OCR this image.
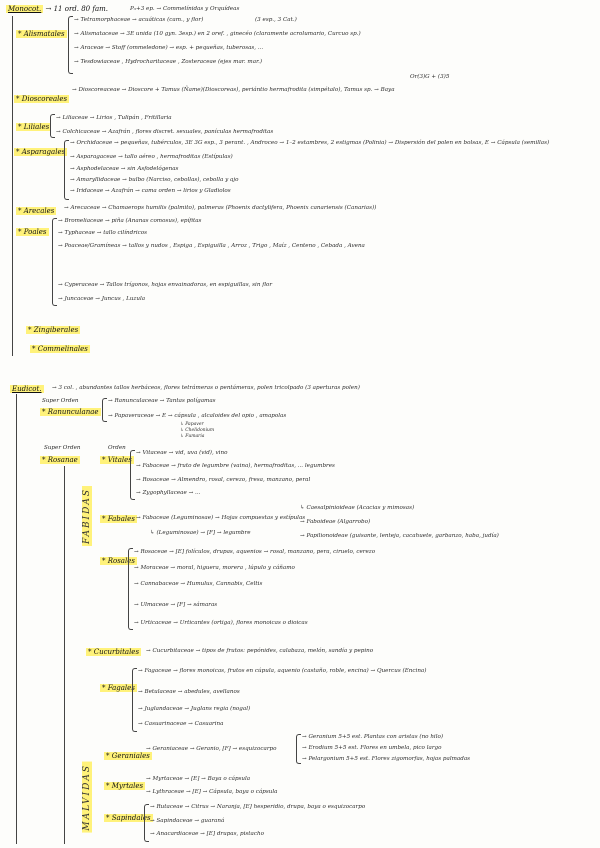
Monocot. → 11 ord. 80 fam.	P₃+3 ep. → Commelínidas y Orquídeas
* Alismatales
→ Tetramorphaceae → acuáticas (cam., y flor)	(3 esp., 3 Cat.)
→ Alismataceae → 3E unida (10 gyn. 3esp.) en 2 oref. , ginecéo (claramente acrolumario, Curcuo sp.)
→ Araceae → Stoff (ommeledone) → esp. + pequeñas, tuberosas, ...
→ Tesdowiaceae , Hydrocharitaceae , Zosteraceae (ejes mar. mar.)
* Dioscoreales
→ Dioscoreaceae → Dioscore + Tamus (Ñame)(Dioscoreas), periántio hermafrodita (simpétalo), Tamus sp. → Baya
Or(3)G + (3)5
* Liliales
→ Liliaceae → Lirios , Tulipán , Fritillaria
→ Colchicaceae → Azafrán , flores discret. sexuales, panículas hermafroditas
* Asparagales
→ Orchidaceae → pequeñas, tubérculos, 3E 3G esp., 3 perant. , Androceo → 1–2 estambres, 2 estigmas (Polinia) → Dispersión del polen en bolsas, E → Cápsula (semillas)
→ Asparagaceae → tallo aéreo , hermafroditas (Estípulas)
→ Asphodelaceae → sin Asfodelógenas
→ Amaryllidaceae → bulbo (Narciso, cebollas), cebolla y ajo
→ Iridaceae → Azafrán → cama orden → lirios y Gladiolos
* Arecales	→ Arecaceae → Chamaerops humilis (palmito), palmeras (Phoenix dactylifera, Phoenix canariensis (Canarias))
* Poales
→ Bromeliaceae → piña (Ananas comosus), epífitas
→ Typhaceae → tallo cilíndricos
→ Poaceae/Gramíneas → tallos y nudos , Espiga , Espiguilla , Arroz , Trigo , Maíz , Centeno , Cebada , Avena
→ Cyperaceae → Tallos trígonos, hojas envainadoras, en espiguillas, sin flor
→ Juncaceae → Juncus , Luzula
* Zingiberales
* Commelinales
Eudicot.	→ 3 col. , abundantes tallos herbáceos, flores tetrámeras o pentámeras, polen tricolpado (3 aperturas polen)
Super Orden
* Ranunculanae
→ Ranunculaceae → Tantas polígamas
→ Papaveraceae → E → cápsula , alcaloides del opio , amapolas
↳ Papaver
↳ Chelidonium
↳ Fumaria
Super Orden
* Rosanae
Orden
* Vitales
→ Vitaceae → vid, uva (vid), vino
→ Fabaceae → fruto de legumbre (vaina), hermafroditas, ... legumbres
→ Rosaceae → Almendro, rosal, cerezo, fresa, manzano, peral
→ Zygophyllaceae → ...
FABIDAS * Fabales → Fabaceae (Leguminosae) → Hojas compuestas y estípulas
↳ (Leguminosae) → [F] → legumbre
↳ Caesalpinioideae (Acacias y mimosas)
→ Faboideae (Algarrobo)
→ Papilionoideae (guisante, lenteja, cacahuete, garbanzo, haba, judía)
* Rosales
→ Rosaceae → [E] folículos, drupas, aquenios → rosal, manzano, pera, ciruelo, cerezo
→ Moraceae → moral, higuera, morera , lúpulo y cáñamo
→ Cannabaceae → Humulus, Cannabis, Celtis
→ Ulmaceae → [F] → sámaras
→ Urticaceae → Urticantes (ortiga), flores monoicas o dioicas
* Cucurbitales	→ Cucurbitaceae → tipos de frutos: pepónides, calabaza, melón, sandía y pepino
* Fagales
→ Fagaceae → flores monoicas, frutos en cúpula, aquenio (castaño, roble, encina) → Quercus (Encina)
→ Betulaceae → abedules, avellanos
→ Juglandaceae → Juglans regia (nogal)
→ Casuarinaceae → Casuarina
* Geraniales
→ Geraniaceae → Geranio, [F] → esquizocarpo
→ Geranium 5+5 est. Plantas con aristas (no hilo)
→ Erodium 5+5 est. Flores en umbela, pico largo
→ Pelargonium 5+5 est. Flores zigomorfas, hojas palmadas
* Myrtales
→ Myrtaceae → [E] → Baya o cápsula
→ Lythraceae → [E] → Cápsula, baya o cápsula
MALVIDAS * Sapindales
→ Rutaceae → Citrus → Naranja, [E] hesperidio, drupa, baya o esquizocarpo
→ Sapindaceae → guaraná
→ Anacardiaceae → [E] drupas, pistacho
